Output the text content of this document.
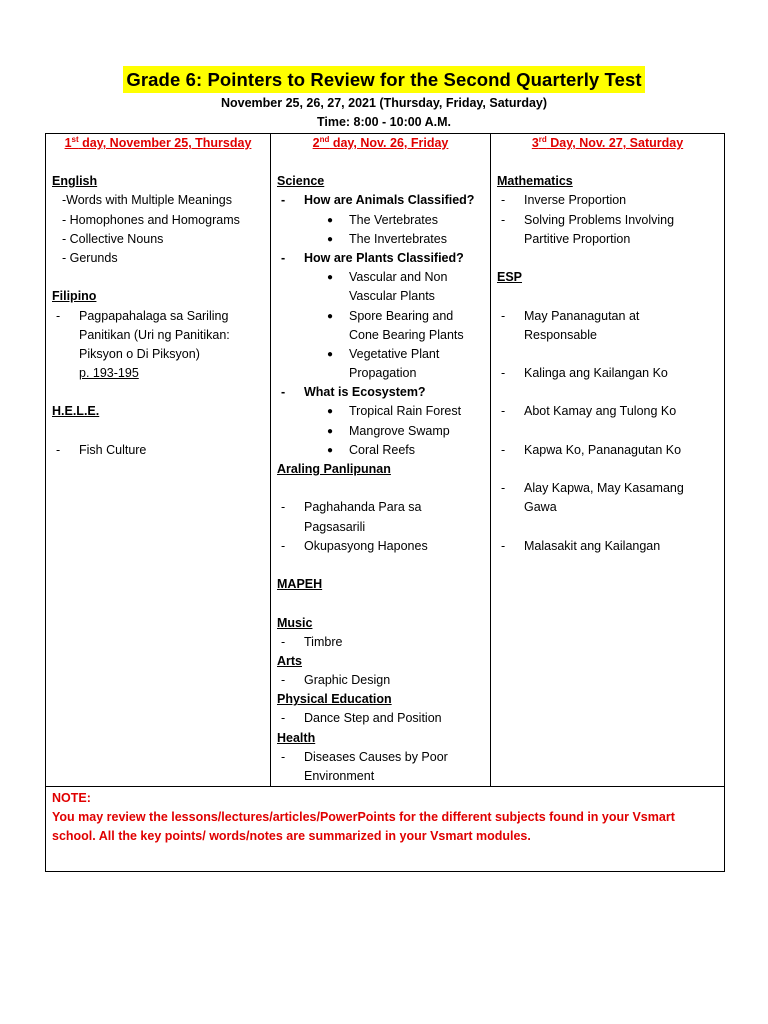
Grade 6: Pointers to Review for the Second Quarterly Test
November 25, 26, 27, 2021 (Thursday, Friday, Saturday)
Time: 8:00 - 10:00 A.M.
1st day, November 25, Thursday
English
-Words with Multiple Meanings
- Homophones and Homograms
- Collective Nouns
- Gerunds
Filipino
- Pagpapahalaga sa Sariling
Panitikan (Uri ng Panitikan:
Piksyon o Di Piksyon)
p. 193-195
H.E.L.E.
- Fish Culture

2nd day, Nov. 26, Friday
Science
- How are Animals Classified?
● The Vertebrates
● The Invertebrates
- How are Plants Classified?
● Vascular and Non
Vascular Plants
● Spore Bearing and
Cone Bearing Plants
● Vegetative Plant
Propagation
- What is Ecosystem?
● Tropical Rain Forest
● Mangrove Swamp
● Coral Reefs
Araling Panlipunan
- Paghahanda Para sa
Pagsasarili
- Okupasyong Hapones
MAPEH
Music
- Timbre
Arts
- Graphic Design
Physical Education
- Dance Step and Position
Health
- Diseases Causes by Poor
Environment

3rd Day, Nov. 27, Saturday
Mathematics
- Inverse Proportion
- Solving Problems Involving
Partitive Proportion
ESP
- May Pananagutan at
Responsable
- Kalinga ang Kailangan Ko
- Abot Kamay ang Tulong Ko
- Kapwa Ko, Pananagutan Ko
- Alay Kapwa, May Kasamang
Gawa
- Malasakit ang Kailangan

NOTE:
You may review the lessons/lectures/articles/PowerPoints for the different subjects found in your Vsmart school. All the key points/ words/notes are summarized in your Vsmart modules.
